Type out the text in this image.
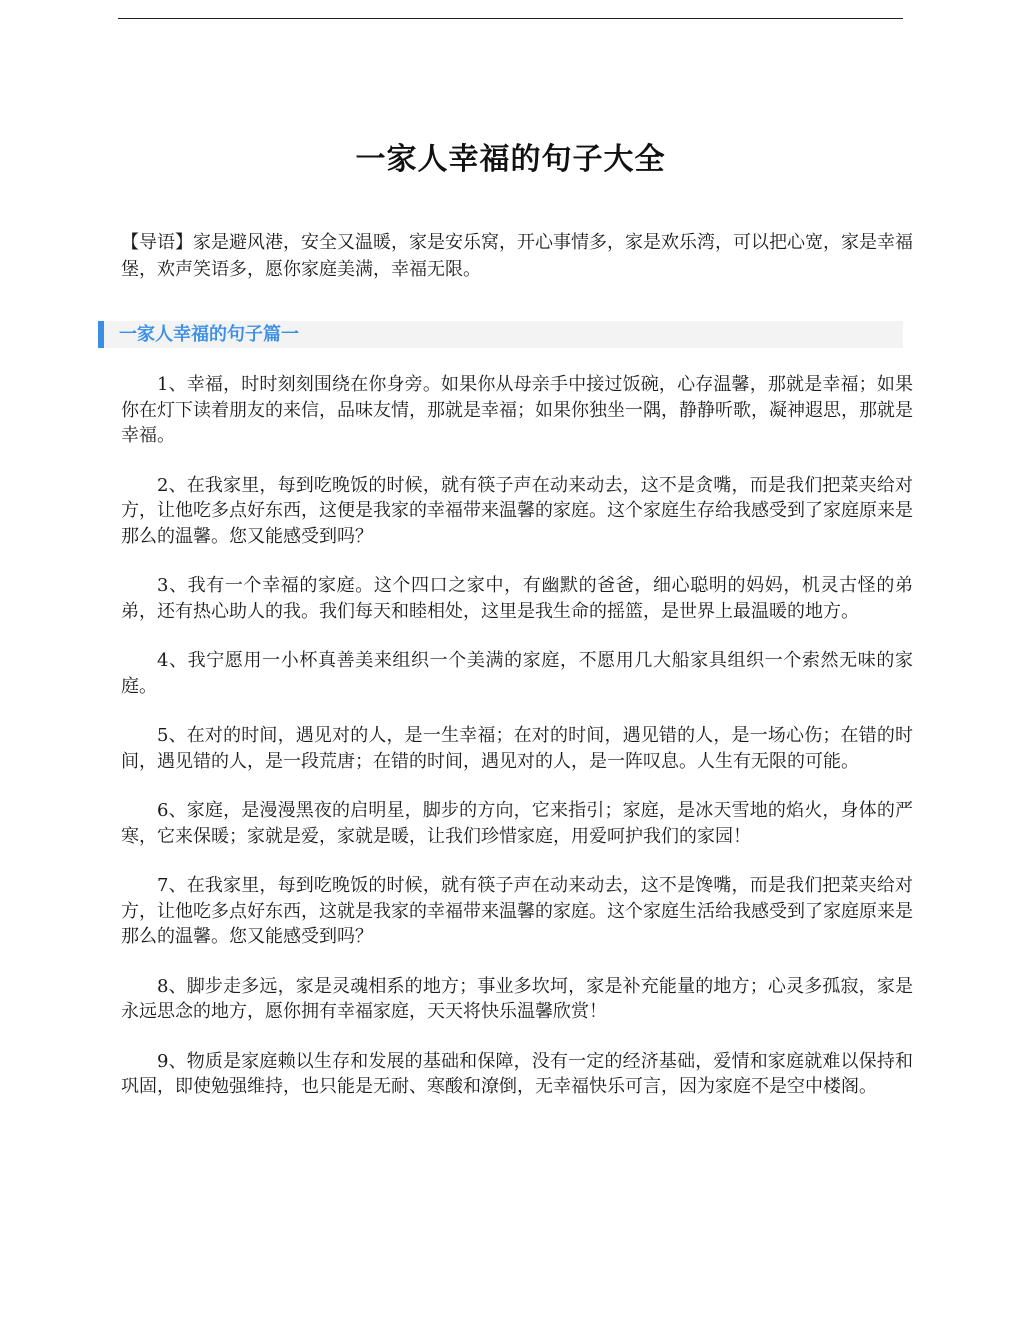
一家人幸福的句子大全

【导语】家是避风港，安全又温暖，家是安乐窝，开心事情多，家是欢乐湾，可以把心宽，家是幸福堡，欢声笑语多，愿你家庭美满，幸福无限。

一家人幸福的句子篇一

1、幸福，时时刻刻围绕在你身旁。如果你从母亲手中接过饭碗，心存温馨，那就是幸福；如果你在灯下读着朋友的来信，品味友情，那就是幸福；如果你独坐一隅，静静听歌，凝神遐思，那就是幸福。

2、在我家里，每到吃晚饭的时候，就有筷子声在动来动去，这不是贪嘴，而是我们把菜夹给对方，让他吃多点好东西，这便是我家的幸福带来温馨的家庭。这个家庭生存给我感受到了家庭原来是那么的温馨。您又能感受到吗？

3、我有一个幸福的家庭。这个四口之家中，有幽默的爸爸，细心聪明的妈妈，机灵古怪的弟弟，还有热心助人的我。我们每天和睦相处，这里是我生命的摇篮，是世界上最温暖的地方。

4、我宁愿用一小杯真善美来组织一个美满的家庭，不愿用几大船家具组织一个索然无味的家庭。

5、在对的时间，遇见对的人，是一生幸福；在对的时间，遇见错的人，是一场心伤；在错的时间，遇见错的人，是一段荒唐；在错的时间，遇见对的人，是一阵叹息。人生有无限的可能。

6、家庭，是漫漫黑夜的启明星，脚步的方向，它来指引；家庭，是冰天雪地的焰火，身体的严寒，它来保暖；家就是爱，家就是暖，让我们珍惜家庭，用爱呵护我们的家园！

7、在我家里，每到吃晚饭的时候，就有筷子声在动来动去，这不是馋嘴，而是我们把菜夹给对方，让他吃多点好东西，这就是我家的幸福带来温馨的家庭。这个家庭生活给我感受到了家庭原来是那么的温馨。您又能感受到吗？

8、脚步走多远，家是灵魂相系的地方；事业多坎坷，家是补充能量的地方；心灵多孤寂，家是永远思念的地方，愿你拥有幸福家庭，天天将快乐温馨欣赏！

9、物质是家庭赖以生存和发展的基础和保障，没有一定的经济基础，爱情和家庭就难以保持和巩固，即使勉强维持，也只能是无耐、寒酸和潦倒，无幸福快乐可言，因为家庭不是空中楼阁。
